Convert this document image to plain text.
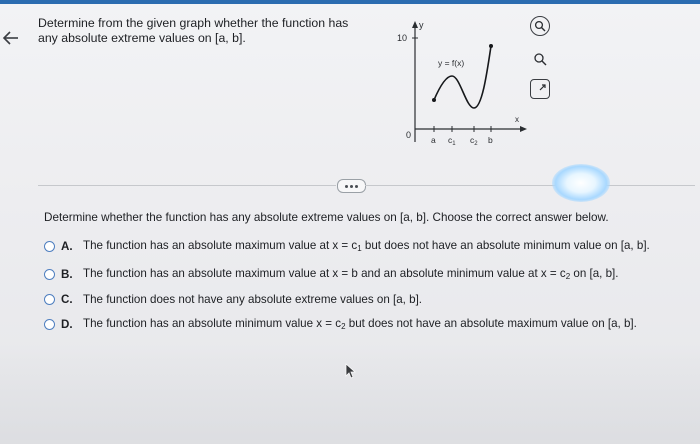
Determine from the given graph whether the function has any absolute extreme values on [a, b].	10
y
0
x
a $c_1$ $c_2$ b
y = f(x)
Determine whether the function has any absolute extreme values on [a, b]. Choose the correct answer below.
A. The function has an absolute maximum value at $x = c_1$ but does not have an absolute minimum value on [a, b].
B. The function has an absolute maximum value at x = b and an absolute minimum value at $x = c_2$ on [a, b].
C. The function does not have any absolute extreme values on [a, b].
D. The function has an absolute minimum value $x = c_2$ but does not have an absolute maximum value on [a, b].
